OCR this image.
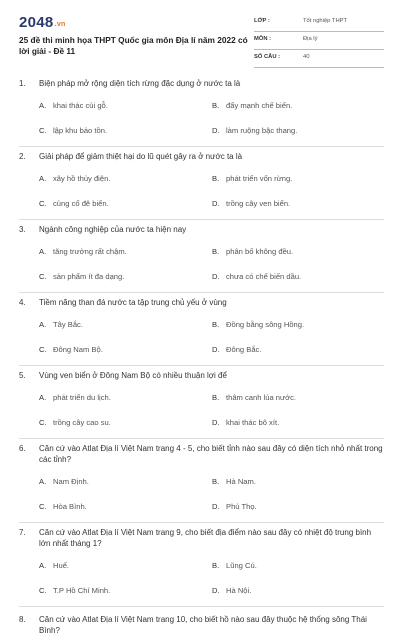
2048.vn
25 đề thi minh họa THPT Quốc gia môn Địa lí năm 2022 có lời giải - Đề 11
LỚP :	Tốt nghiệp THPT
MÔN :	Địa lý
SỐ CÂU :	40
1. Biện pháp mở rộng diện tích rừng đặc dụng ở nước ta là
A. khai thác củi gỗ.	B. đẩy mạnh chế biến.
C. lập khu bảo tồn.	D. làm ruộng bậc thang.
2. Giải pháp để giảm thiệt hại do lũ quét gây ra ở nước ta là
A. xây hồ thủy điện.	B. phát triển vốn rừng.
C. củng cố đê biển.	D. trồng cây ven biển.
3. Ngành công nghiệp của nước ta hiện nay
A. tăng trưởng rất chậm.	B. phân bố không đều.
C. sản phẩm ít đa dạng.	D. chưa có chế biến dầu.
4. Tiềm năng than đá nước ta tập trung chủ yếu ở vùng
A. Tây Bắc.	B. Đồng bằng sông Hồng.
C. Đông Nam Bộ.	D. Đông Bắc.
5. Vùng ven biển ở Đông Nam Bộ có nhiều thuận lợi để
A. phát triển du lịch.	B. thâm canh lúa nước.
C. trồng cây cao su.	D. khai thác bô xít.
6. Căn cứ vào Atlat Địa lí Việt Nam trang 4 - 5, cho biết tỉnh nào sau đây có diện tích nhỏ nhất trong các tỉnh?
A. Nam Định.	B. Hà Nam.
C. Hòa Bình.	D. Phú Thọ.
7. Căn cứ vào Atlat Địa lí Việt Nam trang 9, cho biết địa điểm nào sau đây có nhiệt độ trung bình lớn nhất tháng 1?
A. Huế.	B. Lũng Cú.
C. T.P Hồ Chí Minh.	D. Hà Nội.
8. Căn cứ vào Atlat Địa lí Việt Nam trang 10, cho biết hồ nào sau đây thuộc hệ thống sông Thái Bình?
